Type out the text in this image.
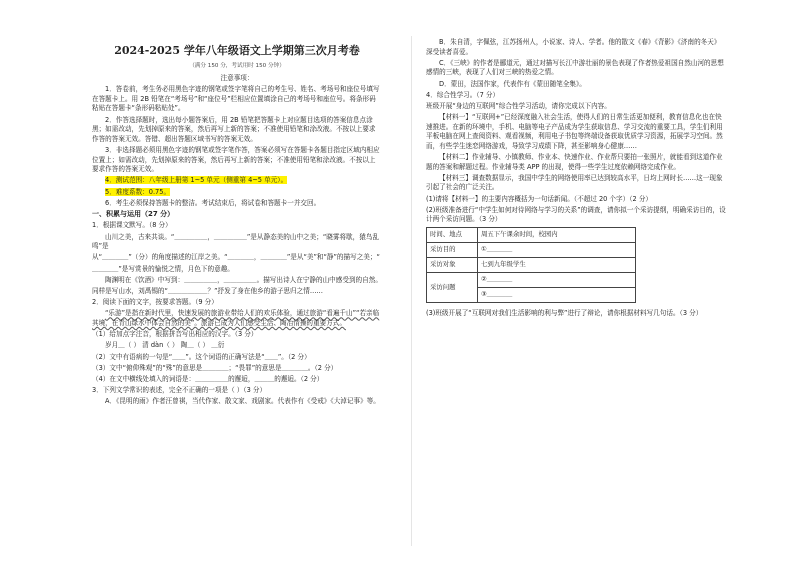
2024-2025 学年八年级语文上学期第三次月考卷
（满分 150 分，考试用时 150 分钟）

注意事项：

1．答卷前，考生务必用黑色字迹的钢笔或签字笔将自己的考生号、姓名、考场号和座位号填写在答题卡上。用 2B 铅笔在“考场号”和“座位号”栏相应位置填涂自己的考场号和座位号。将条形码粘贴在答题卡“条形码粘贴处”。

2．作答选择题时，选出每小题答案后，用 2B 铅笔把答题卡上对应题目选项的答案信息点涂黑；如需改动，先划掉原来的答案，然后再写上新的答案；不准使用铅笔和涂改液。不按以上要求作答的答案无效。答错、超出答题区域书写的答案无效。

3．非选择题必须用黑色字迹的钢笔或签字笔作答，答案必须写在答题卡各题目指定区域内相应位置上；如需改动，先划掉原来的答案，然后再写上新的答案；不准使用铅笔和涂改液。不按以上要求作答的答案无效。

4．测试范围：八年级上册第 1~5 单元（侧重第 4~5 单元）。

5．难度系数：0.75。

6．考生必须保持答题卡的整洁。考试结束后，将试卷和答题卡一并交回。

一、积累与运用（27 分）

1．根据课文默写。（8 分）

山川之美，古来共谈。“＿＿＿＿＿，＿＿＿＿＿”是从静态美的山中之美；“晓雾将歇，猿鸟乱鸣”是

从“＿＿＿＿”（分）的角度描述的江岸之美。“＿＿＿＿，＿＿＿＿”是从“美”和“静”的描写之美；“

＿＿＿＿”是写赏景的愉悦之情，月色下的意趣。

陶渊明在《饮酒》中写到：＿＿＿＿＿，＿＿＿＿＿。描写出诗人在宁静的山中感受到的自然。

同样是写山水，刘禹锡的“＿＿＿＿＿＿？”抒发了身在他乡的游子思归之情……

2．阅读下面的文字，按要求答题。（9 分）

“乐游”是指在新时代里，快速发展的旅游业带给人们的欢乐体验，通过旅游“看遍千山”“若亲临其境，在青山绿水中体会自然的美”。旅游已成为人们感受生活、陶冶情操的重要方式。

（1）给加点字注音，根据拼音写出相应的汉字。（3 分）

岁月＿（ ） 清 dàn（ ） 陶＿（ ） ＿衍

（2）文中有语病的一句是“＿＿”。这个词语的正确写法是“＿＿”。（2 分）

（3）文中“俯仰殊观”的“殊”的意思是＿＿＿＿；“畏罪”的意思是＿＿＿＿。（2 分）

（4）在文中横线处填入的词语是：＿＿＿＿＿的邂逅，＿＿＿的邂逅。（2 分）

3．下列文学常识的表述，完全不正确的一项是（ ）（3 分）

A．《昆明的雨》作者汪曾祺，当代作家、散文家、戏剧家。代表作有《受戒》《大淖记事》等。

B．朱自清，字佩弦，江苏扬州人，小说家、诗人、学者。他的散文《春》《背影》《济南的冬天》深受读者喜爱。

C．《三峡》的作者是郦道元，通过对描写长江中游壮丽的景色表现了作者热爱祖国自然山河的思想感情的三峡，表现了人们对三峡的热爱之情。

D．蒙田，法国作家，代表作有《蒙田随笔全集》。

4．综合性学习。（7 分）

班级开展“身边的互联网”综合性学习活动，请你完成以下内容。

【材料一】“互联网+”已经深度融入社会生活，使得人们的日常生活更加便利，教育信息化也在快速推进。在新的环境中，手机、电脑等电子产品成为学生获取信息、学习交流的重要工具，学生们利用平板电脑在网上查阅资料、观看视频，利用电子书包等终端设备获取优质学习资源，拓展学习空间。然而，有些学生迷恋网络游戏，导致学习成绩下降，甚至影响身心健康……

【材料二】作业辅导、小镇教师、作业本、快速作业、作业帮只要拍一张照片，就能看到这道作业题的答案和解题过程。作业辅导类 APP 的出现，使得一些学生过度依赖网络完成作业。

【材料三】调查数据显示，我国中学生的网络使用率已达到较高水平，日均上网时长……这一现象引起了社会的广泛关注。

(1)请将【材料一】的主要内容概括为一句话新闻。（不超过 20 个字）（2 分）

(2)班级准备进行“中学生如何对待网络与学习的关系”的调查，请你拟一个采访提纲，明确采访目的，设计两个采访问题。（3 分）

时间、地点	周五下午课余时间，校园内
采访目的	①＿＿＿＿
采访对象	七到九年级学生
采访问题	②＿＿＿＿
	③＿＿＿＿

(3)班级开展了“互联网对我们生活影响的利与弊”进行了辩论，请你根据材料写几句话。（3 分）
